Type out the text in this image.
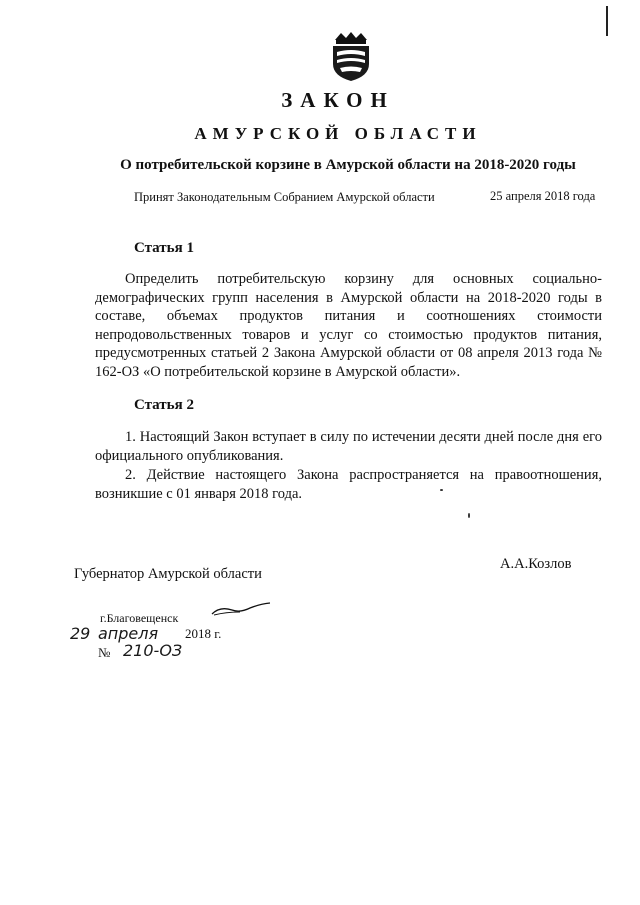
ЗАКОН
АМУРСКОЙ ОБЛАСТИ
О потребительской корзине в Амурской области на 2018-2020 годы
Принят Законодательным Собранием Амурской области	25 апреля 2018 года
Статья 1
Определить потребительскую корзину для основных социально-демографических групп населения в Амурской области на 2018-2020 годы в составе, объемах продуктов питания и соотношениях стоимости непродовольственных товаров и услуг со стоимостью продуктов питания, предусмотренных статьей 2 Закона Амурской области от 08 апреля 2013 года № 162-ОЗ «О потребительской корзине в Амурской области».
Статья 2
1. Настоящий Закон вступает в силу по истечении десяти дней после дня его официального опубликования.
2. Действие настоящего Закона распространяется на правоотношения, возникшие с 01 января 2018 года.
А.А.Козлов
Губернатор Амурской области
г.Благовещенск
29 апреля 2018 г.
№ 210-ОЗ
